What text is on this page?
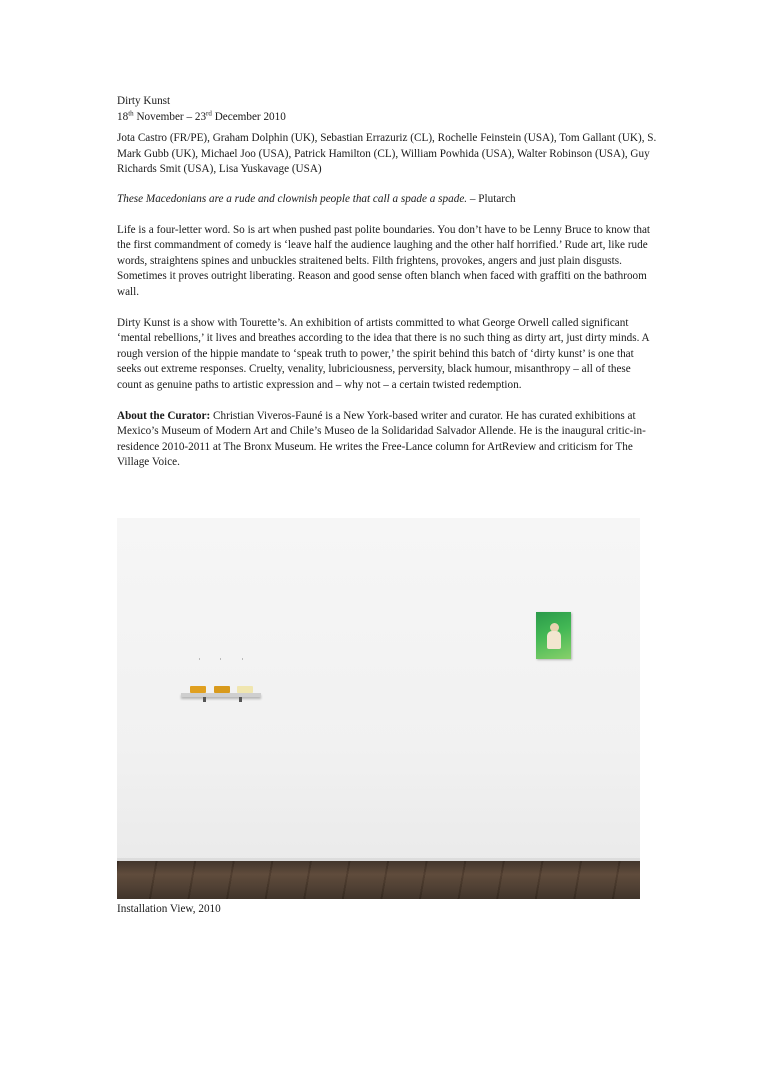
Dirty Kunst

18th November – 23rd December 2010

Jota Castro (FR/PE), Graham Dolphin (UK), Sebastian Errazuriz (CL), Rochelle Feinstein (USA), Tom Gallant (UK), S. Mark Gubb (UK), Michael Joo (USA), Patrick Hamilton (CL), William Powhida (USA), Walter Robinson (USA), Guy Richards Smit (USA), Lisa Yuskavage (USA)

These Macedonians are a rude and clownish people that call a spade a spade. – Plutarch

Life is a four-letter word. So is art when pushed past polite boundaries. You don’t have to be Lenny Bruce to know that the first commandment of comedy is ‘leave half the audience laughing and the other half horrified.’ Rude art, like rude words, straightens spines and unbuckles straitened belts. Filth frightens, provokes, angers and just plain disgusts. Sometimes it proves outright liberating. Reason and good sense often blanch when faced with graffiti on the bathroom wall.

Dirty Kunst is a show with Tourette’s. An exhibition of artists committed to what George Orwell called significant ‘mental rebellions,’ it lives and breathes according to the idea that there is no such thing as dirty art, just dirty minds. A rough version of the hippie mandate to ‘speak truth to power,’ the spirit behind this batch of ‘dirty kunst’ is one that seeks out extreme responses. Cruelty, venality, lubriciousness, perversity, black humour, misanthropy – all of these count as genuine paths to artistic expression and – why not – a certain twisted redemption.

About the Curator: Christian Viveros-Fauné is a New York-based writer and curator. He has curated exhibitions at Mexico’s Museum of Modern Art and Chile’s Museo de la Solidaridad Salvador Allende. He is the inaugural critic-in-residence 2010-2011 at The Bronx Museum. He writes the Free-Lance column for ArtReview and criticism for The Village Voice.

Installation View, 2010
